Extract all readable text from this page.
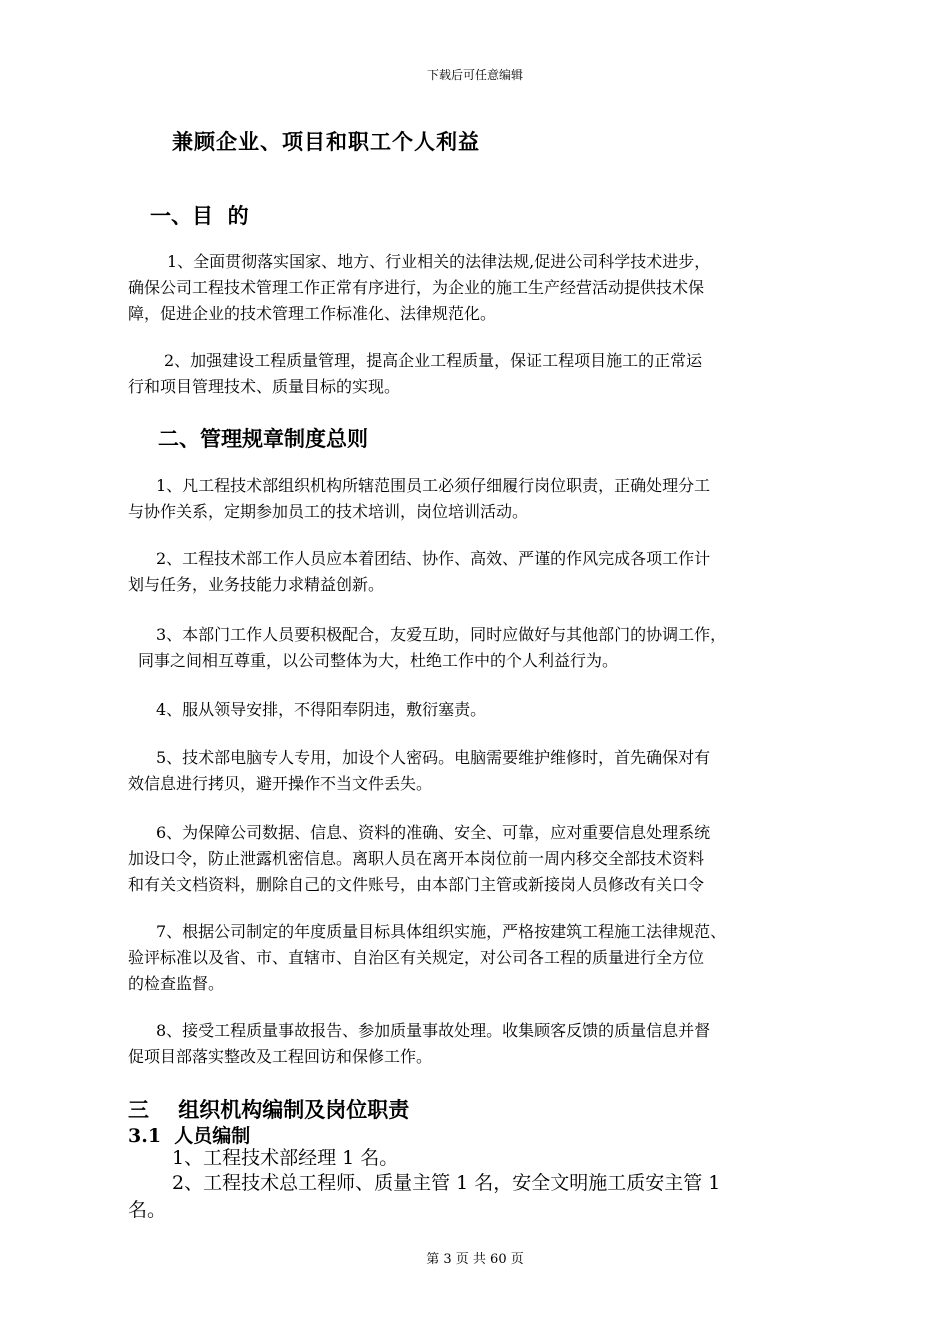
下载后可任意编辑
兼顾企业、项目和职工个人利益
一、目  的
1、全面贯彻落实国家、地方、行业相关的法律法规,促进公司科学技术进步，
确保公司工程技术管理工作正常有序进行，为企业的施工生产经营活动提供技术保
障，促进企业的技术管理工作标准化、法律规范化。
2、加强建设工程质量管理，提高企业工程质量，保证工程项目施工的正常运
行和项目管理技术、质量目标的实现。
二、管理规章制度总则
1、凡工程技术部组织机构所辖范围员工必须仔细履行岗位职责，正确处理分工
与协作关系，定期参加员工的技术培训，岗位培训活动。
2、工程技术部工作人员应本着团结、协作、高效、严谨的作风完成各项工作计
划与任务，业务技能力求精益创新。
3、本部门工作人员要积极配合，友爱互助，同时应做好与其他部门的协调工作，
同事之间相互尊重，以公司整体为大，杜绝工作中的个人利益行为。
4、服从领导安排，不得阳奉阴违，敷衍塞责。
5、技术部电脑专人专用，加设个人密码。电脑需要维护维修时，首先确保对有
效信息进行拷贝，避开操作不当文件丢失。
6、为保障公司数据、信息、资料的准确、安全、可靠，应对重要信息处理系统
加设口令，防止泄露机密信息。离职人员在离开本岗位前一周内移交全部技术资料
和有关文档资料，删除自己的文件账号，由本部门主管或新接岗人员修改有关口令
7、根据公司制定的年度质量目标具体组织实施，严格按建筑工程施工法律规范、
验评标准以及省、市、直辖市、自治区有关规定，对公司各工程的质量进行全方位
的检查监督。
8、接受工程质量事故报告、参加质量事故处理。收集顾客反馈的质量信息并督
促项目部落实整改及工程回访和保修工作。
三    组织机构编制及岗位职责
3.1  人员编制
1、工程技术部经理 1 名。
2、工程技术总工程师、质量主管 1 名，安全文明施工质安主管 1
名。
第 3 页 共 60 页
